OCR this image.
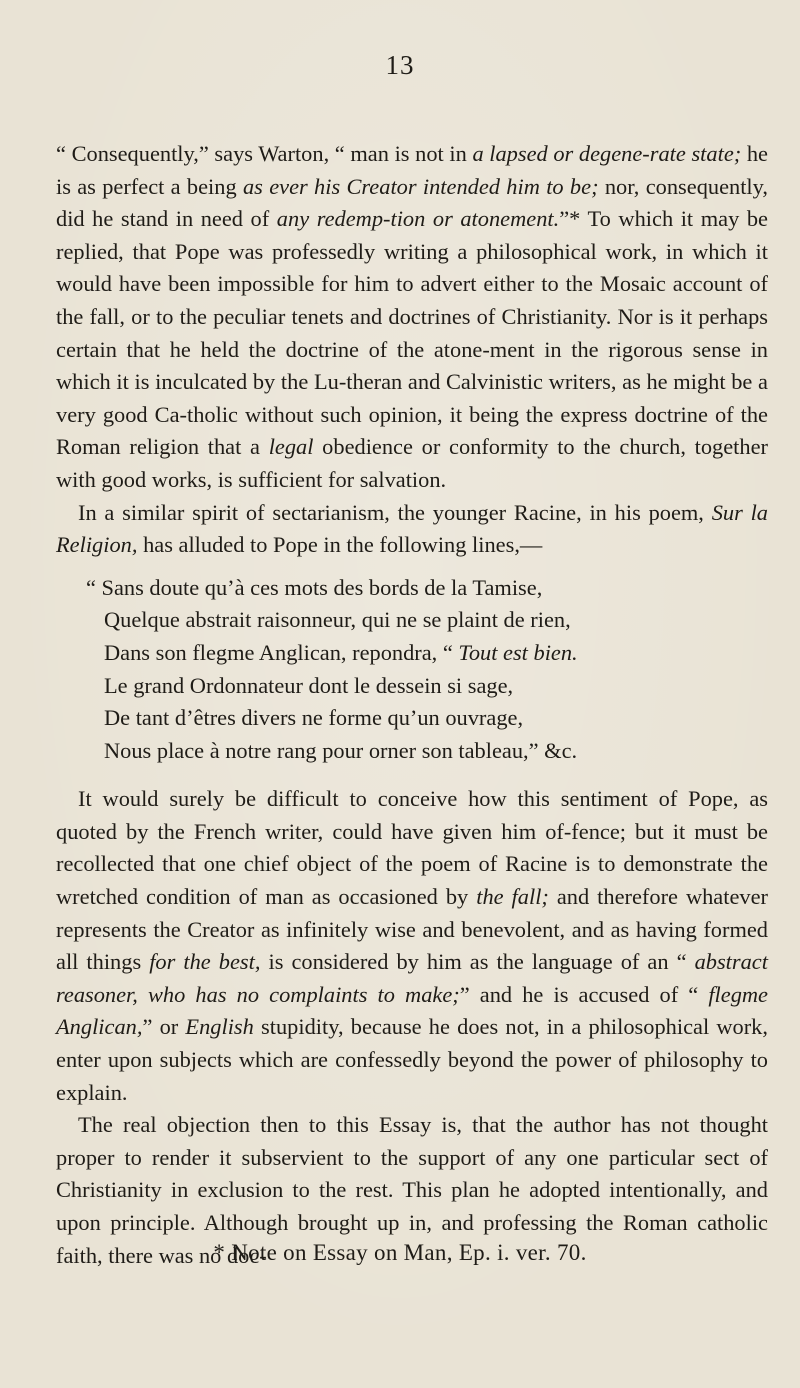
13

“ Consequently,” says Warton, “ man is not in a lapsed or degene-rate state; he is as perfect a being as ever his Creator intended him to be; nor, consequently, did he stand in need of any redemp-tion or atonement.”* To which it may be replied, that Pope was professedly writing a philosophical work, in which it would have been impossible for him to advert either to the Mosaic account of the fall, or to the peculiar tenets and doctrines of Christianity. Nor is it perhaps certain that he held the doctrine of the atone-ment in the rigorous sense in which it is inculcated by the Lu-theran and Calvinistic writers, as he might be a very good Ca-tholic without such opinion, it being the express doctrine of the Roman religion that a legal obedience or conformity to the church, together with good works, is sufficient for salvation.

In a similar spirit of sectarianism, the younger Racine, in his poem, Sur la Religion, has alluded to Pope in the following lines,—

“ Sans doute qu’à ces mots des bords de la Tamise,
Quelque abstrait raisonneur, qui ne se plaint de rien,
Dans son flegme Anglican, repondra, “ Tout est bien.
Le grand Ordonnateur dont le dessein si sage,
De tant d’êtres divers ne forme qu’un ouvrage,
Nous place à notre rang pour orner son tableau,” &c.

It would surely be difficult to conceive how this sentiment of Pope, as quoted by the French writer, could have given him of-fence; but it must be recollected that one chief object of the poem of Racine is to demonstrate the wretched condition of man as occasioned by the fall; and therefore whatever represents the Creator as infinitely wise and benevolent, and as having formed all things for the best, is considered by him as the language of an “ abstract reasoner, who has no complaints to make;” and he is accused of “ flegme Anglican,” or English stupidity, because he does not, in a philosophical work, enter upon subjects which are confessedly beyond the power of philosophy to explain.

The real objection then to this Essay is, that the author has not thought proper to render it subservient to the support of any one particular sect of Christianity in exclusion to the rest. This plan he adopted intentionally, and upon principle. Although brought up in, and professing the Roman catholic faith, there was no doc-

* Note on Essay on Man, Ep. i. ver. 70.
